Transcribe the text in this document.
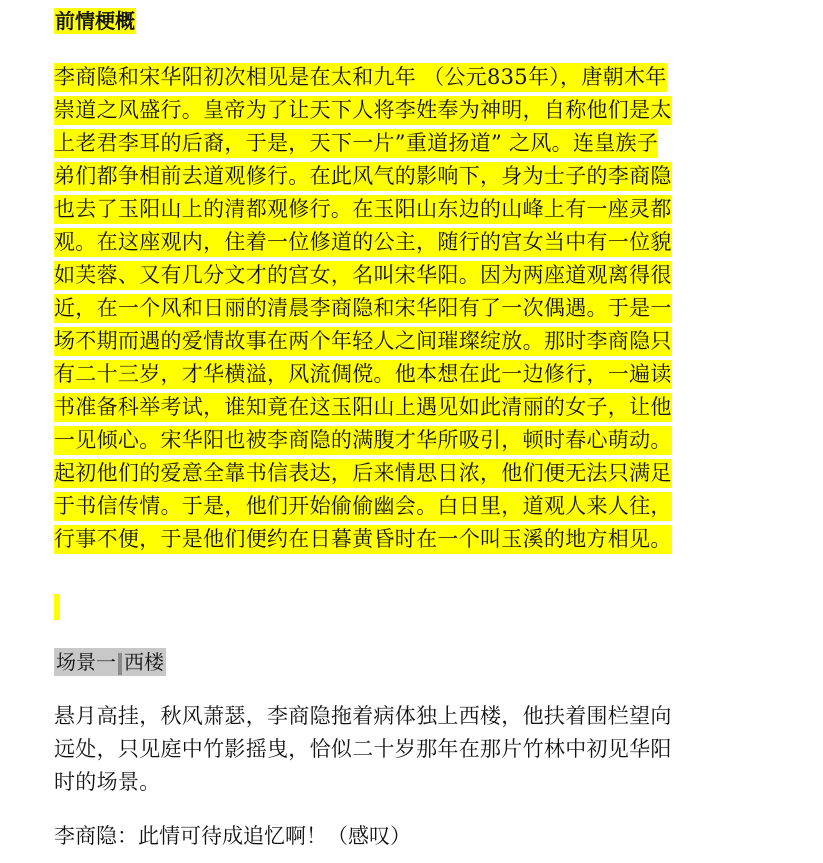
前情梗概
李商隐和宋华阳初次相见是在太和九年 （公元835年），唐朝木年
崇道之风盛行。皇帝为了让天下人将李姓奉为神明，自称他们是太
上老君李耳的后裔，于是，天下一片”重道扬道” 之风。连皇族子
弟们都争相前去道观修行。在此风气的影响下，身为士子的李商隐
也去了玉阳山上的清都观修行。在玉阳山东边的山峰上有一座灵都
观。在这座观内，住着一位修道的公主，随行的宫女当中有一位貌
如芙蓉、又有几分文才的宫女，名叫宋华阳。因为两座道观离得很
近，在一个风和日丽的清晨李商隐和宋华阳有了一次偶遇。于是一
场不期而遇的爱情故事在两个年轻人之间璀璨绽放。那时李商隐只
有二十三岁，才华横溢，风流倜傥。他本想在此一边修行，一遍读
书准备科举考试，谁知竟在这玉阳山上遇见如此清丽的女子，让他
一见倾心。宋华阳也被李商隐的满腹才华所吸引，顿时春心萌动。
起初他们的爱意全靠书信表达，后来情思日浓，他们便无法只满足
于书信传情。于是，他们开始偷偷幽会。白日里，道观人来人往，
行事不便，于是他们便约在日暮黄昏时在一个叫玉溪的地方相见。
场景一 西楼
悬月高挂，秋风萧瑟，李商隐拖着病体独上西楼，他扶着围栏望向
远处，只见庭中竹影摇曳，恰似二十岁那年在那片竹林中初见华阳
时的场景。
李商隐：此情可待成追忆啊！（感叹）
